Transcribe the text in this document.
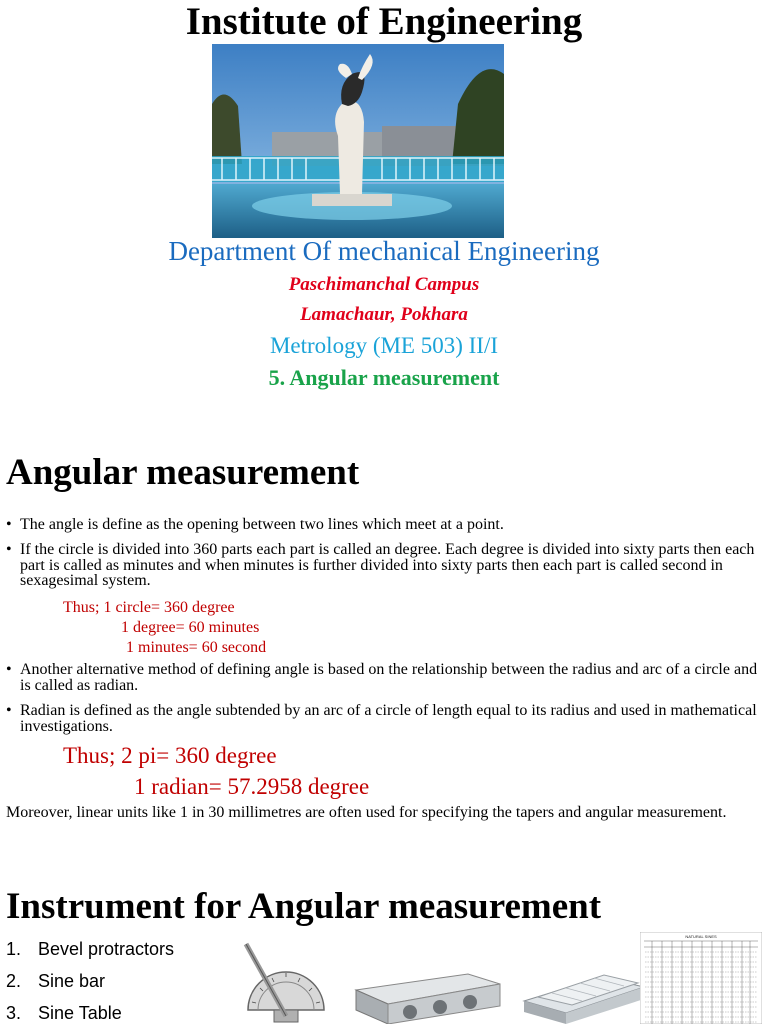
Institute of Engineering
Department Of mechanical Engineering
Paschimanchal Campus
Lamachaur, Pokhara
Metrology (ME 503) II/I
5. Angular measurement
Angular measurement
• The angle is define as the opening between two lines which meet at a point.
• If the circle is divided into 360 parts each part is called an degree. Each degree is divided into sixty parts then each part is called as minutes and when minutes is further divided into sixty parts then each part is called second in sexagesimal system.
Thus; 1 circle= 360 degree
1 degree= 60 minutes
1 minutes= 60 second
• Another alternative method of defining angle is based on the relationship between the radius and arc of a circle and is called as radian.
• Radian is defined as the angle subtended by an arc of a circle of length equal to its radius and used in mathematical investigations.
Thus; 2 pi= 360 degree
1 radian= 57.2958 degree
Moreover, linear units like 1 in 30 millimetres are often used for specifying the tapers and angular measurement.
Instrument for Angular measurement
1. Bevel protractors
2. Sine bar
3. Sine Table
NATURAL SINES
